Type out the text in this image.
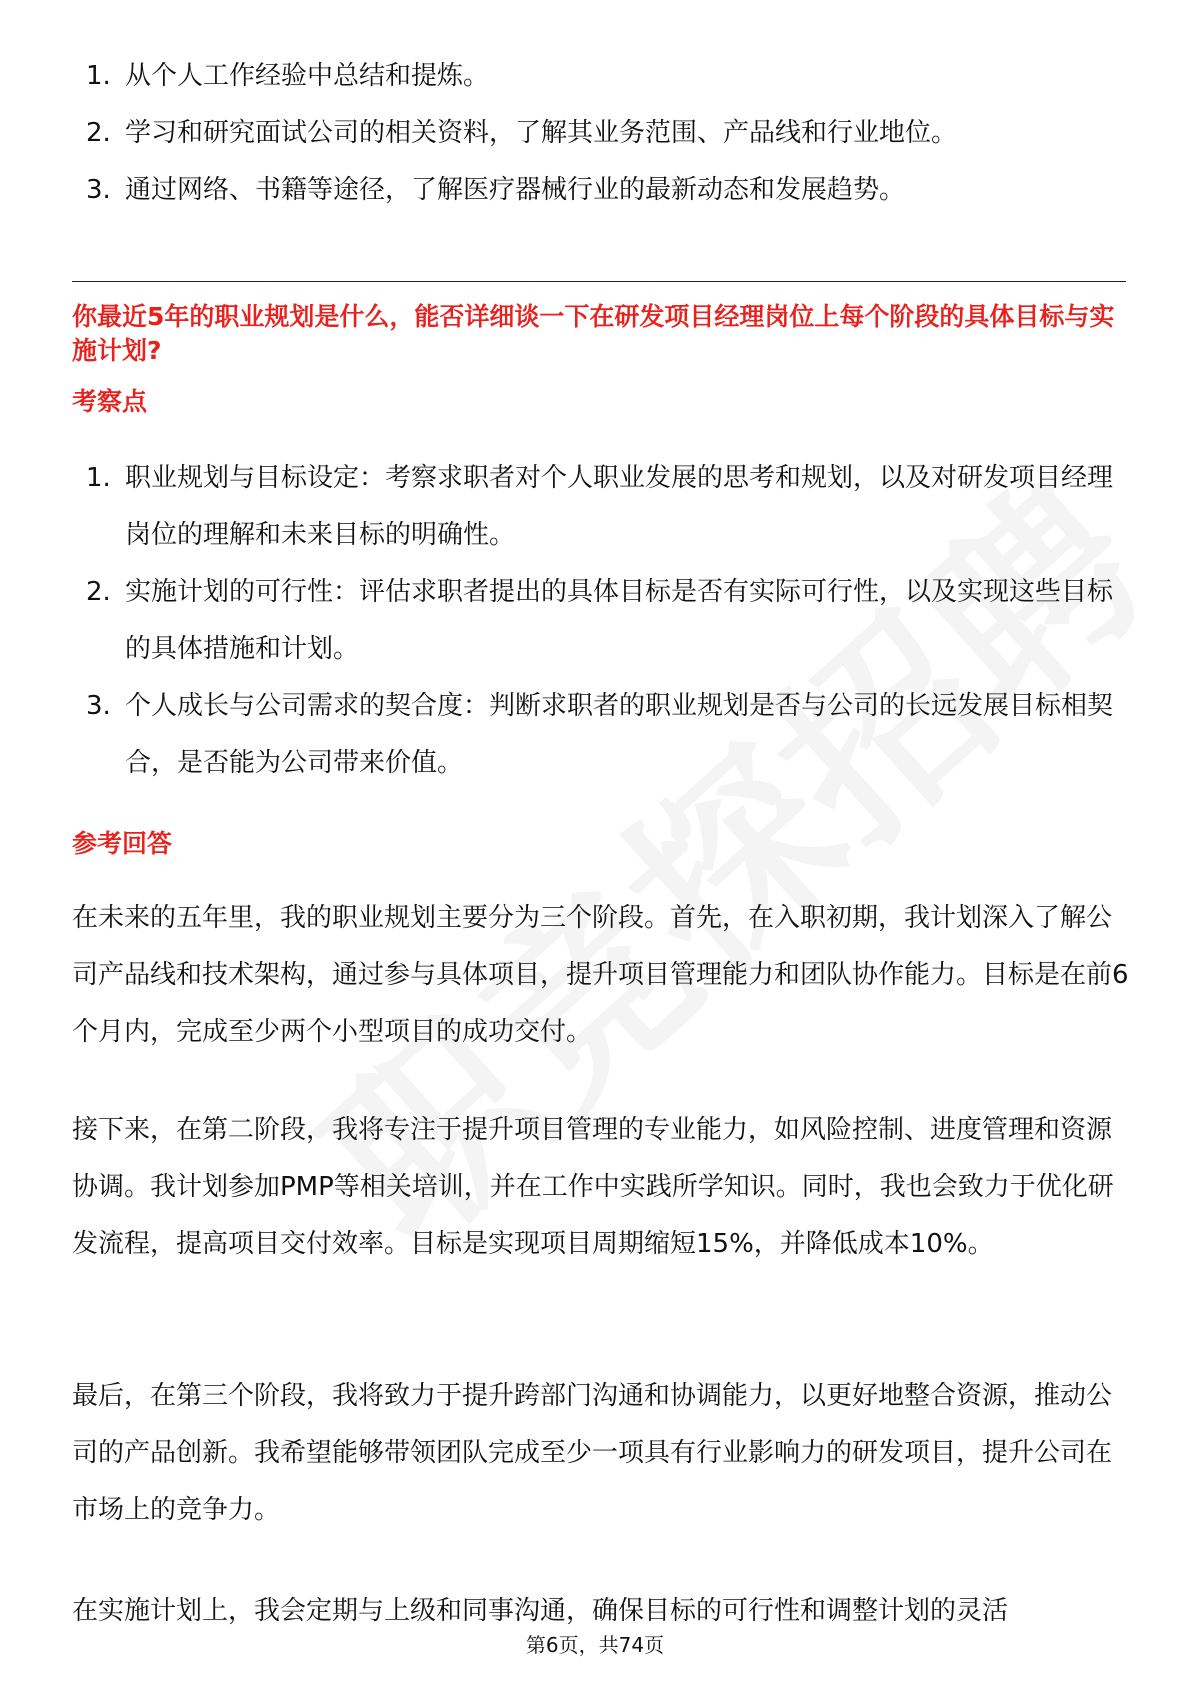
1. 从个人工作经验中总结和提炼。
2. 学习和研究面试公司的相关资料，了解其业务范围、产品线和行业地位。
3. 通过网络、书籍等途径，了解医疗器械行业的最新动态和发展趋势。
你最近5年的职业规划是什么，能否详细谈一下在研发项目经理岗位上每个阶段的具体目标与实施计划?
考察点
1. 职业规划与目标设定：考察求职者对个人职业发展的思考和规划，以及对研发项目经理岗位的理解和未来目标的明确性。
2. 实施计划的可行性：评估求职者提出的具体目标是否有实际可行性，以及实现这些目标的具体措施和计划。
3. 个人成长与公司需求的契合度：判断求职者的职业规划是否与公司的长远发展目标相契合，是否能为公司带来价值。
参考回答

在未来的五年里，我的职业规划主要分为三个阶段。首先，在入职初期，我计划深入了解公司产品线和技术架构，通过参与具体项目，提升项目管理能力和团队协作能力。目标是在前6个月内，完成至少两个小型项目的成功交付。

接下来，在第二阶段，我将专注于提升项目管理的专业能力，如风险控制、进度管理和资源协调。我计划参加PMP等相关培训，并在工作中实践所学知识。同时，我也会致力于优化研发流程，提高项目交付效率。目标是实现项目周期缩短15%，并降低成本10%。

最后，在第三个阶段，我将致力于提升跨部门沟通和协调能力，以更好地整合资源，推动公司的产品创新。我希望能够带领团队完成至少一项具有行业影响力的研发项目，提升公司在市场上的竞争力。

在实施计划上，我会定期与上级和同事沟通，确保目标的可行性和调整计划的灵活

第6页，共74页
